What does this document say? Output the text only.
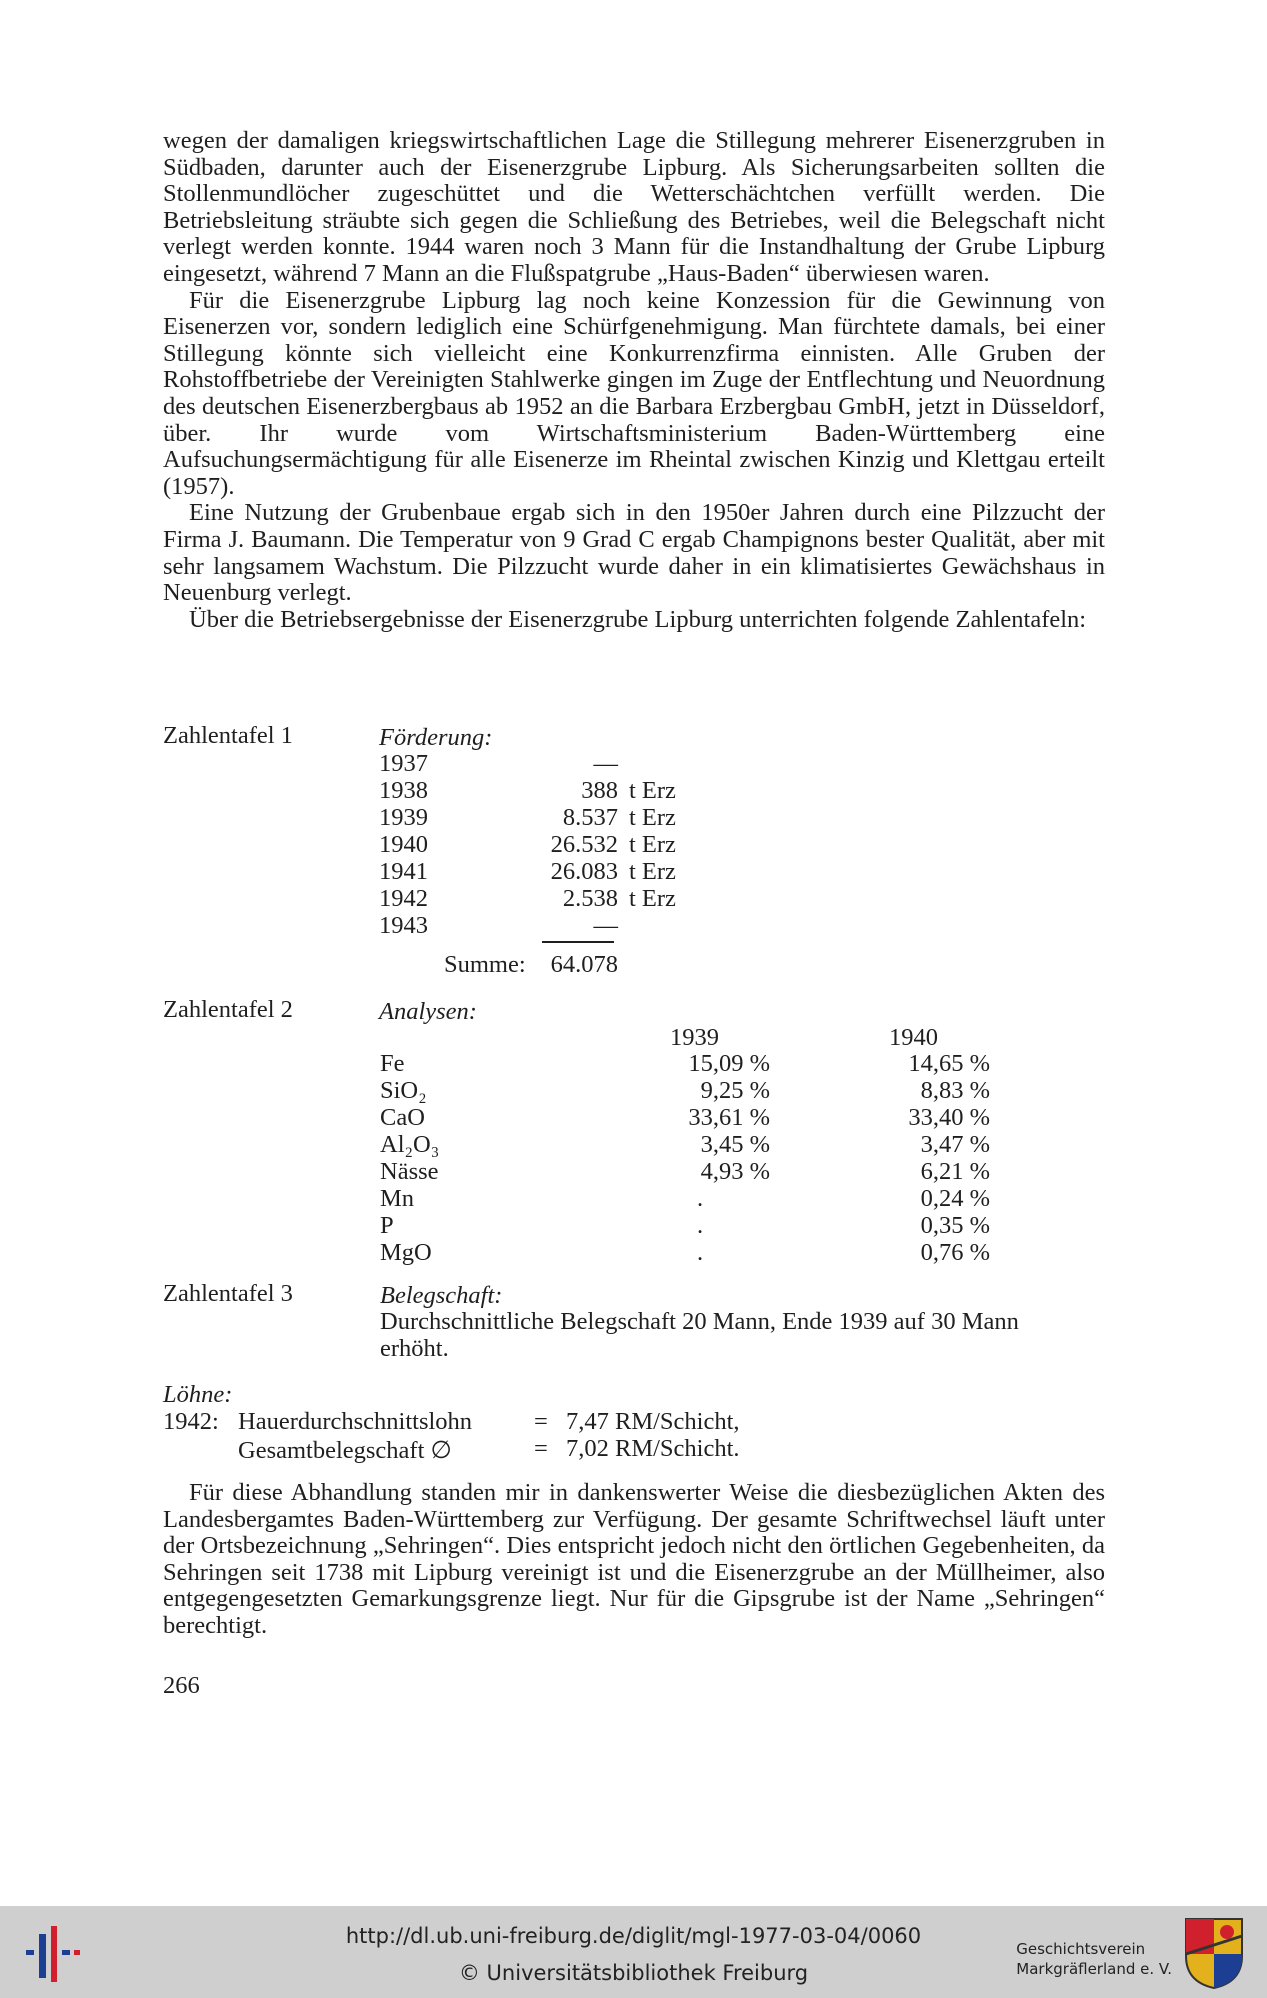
wegen der damaligen kriegswirtschaftlichen Lage die Stillegung mehrerer Eisenerzgruben in Südbaden, darunter auch der Eisenerzgrube Lipburg. Als Sicherungsarbeiten sollten die Stollenmundlöcher zugeschüttet und die Wetterschächtchen verfüllt werden. Die Betriebsleitung sträubte sich gegen die Schließung des Betriebes, weil die Belegschaft nicht verlegt werden konnte. 1944 waren noch 3 Mann für die Instandhaltung der Grube Lipburg eingesetzt, während 7 Mann an die Flußspatgrube „Haus-Baden“ überwiesen waren.

Für die Eisenerzgrube Lipburg lag noch keine Konzession für die Gewinnung von Eisenerzen vor, sondern lediglich eine Schürfgenehmigung. Man fürchtete damals, bei einer Stillegung könnte sich vielleicht eine Konkurrenzfirma einnisten. Alle Gruben der Rohstoffbetriebe der Vereinigten Stahlwerke gingen im Zuge der Entflechtung und Neuordnung des deutschen Eisenerzbergbaus ab 1952 an die Barbara Erzbergbau GmbH, jetzt in Düsseldorf, über. Ihr wurde vom Wirtschaftsministerium Baden-Württemberg eine Aufsuchungsermächtigung für alle Eisenerze im Rheintal zwischen Kinzig und Klettgau erteilt (1957).

Eine Nutzung der Grubenbaue ergab sich in den 1950er Jahren durch eine Pilzzucht der Firma J. Baumann. Die Temperatur von 9 Grad C ergab Champignons bester Qualität, aber mit sehr langsamem Wachstum. Die Pilzzucht wurde daher in ein klimatisiertes Gewächshaus in Neuenburg verlegt.

Über die Betriebsergebnisse der Eisenerzgrube Lipburg unterrichten folgende Zahlentafeln:

Zahlentafel 1	Förderung:
1937	—
1938	388 t Erz
1939	8.537 t Erz
1940	26.532 t Erz
1941	26.083 t Erz
1942	2.538 t Erz
1943	—
Summe:	64.078
Zahlentafel 2	Analysen:
1939	1940
Fe	15,09 %	14,65 %
SiO₂	9,25 %	8,83 %
CaO	33,61 %	33,40 %
Al₂O₃	3,45 %	3,47 %
Nässe	4,93 %	6,21 %
Mn	.	0,24 %
P	.	0,35 %
MgO	.	0,76 %
Zahlentafel 3	Belegschaft:
Durchschnittliche Belegschaft 20 Mann, Ende 1939 auf 30 Mann
erhöht.
Löhne:
1942: Hauerdurchschnittslohn	= 7,47 RM/Schicht,
Gesamtbelegschaft ∅	= 7,02 RM/Schicht.

Für diese Abhandlung standen mir in dankenswerter Weise die diesbezüglichen Akten des Landesbergamtes Baden-Württemberg zur Verfügung. Der gesamte Schriftwechsel läuft unter der Ortsbezeichnung „Sehringen“. Dies entspricht jedoch nicht den örtlichen Gegebenheiten, da Sehringen seit 1738 mit Lipburg vereinigt ist und die Eisenerzgrube an der Müllheimer, also entgegengesetzten Gemarkungsgrenze liegt. Nur für die Gipsgrube ist der Name „Sehringen“ berechtigt.

266
http://dl.ub.uni-freiburg.de/diglit/mgl-1977-03-04/0060
© Universitätsbibliothek Freiburg
Geschichtsverein
Markgräflerland e. V.
